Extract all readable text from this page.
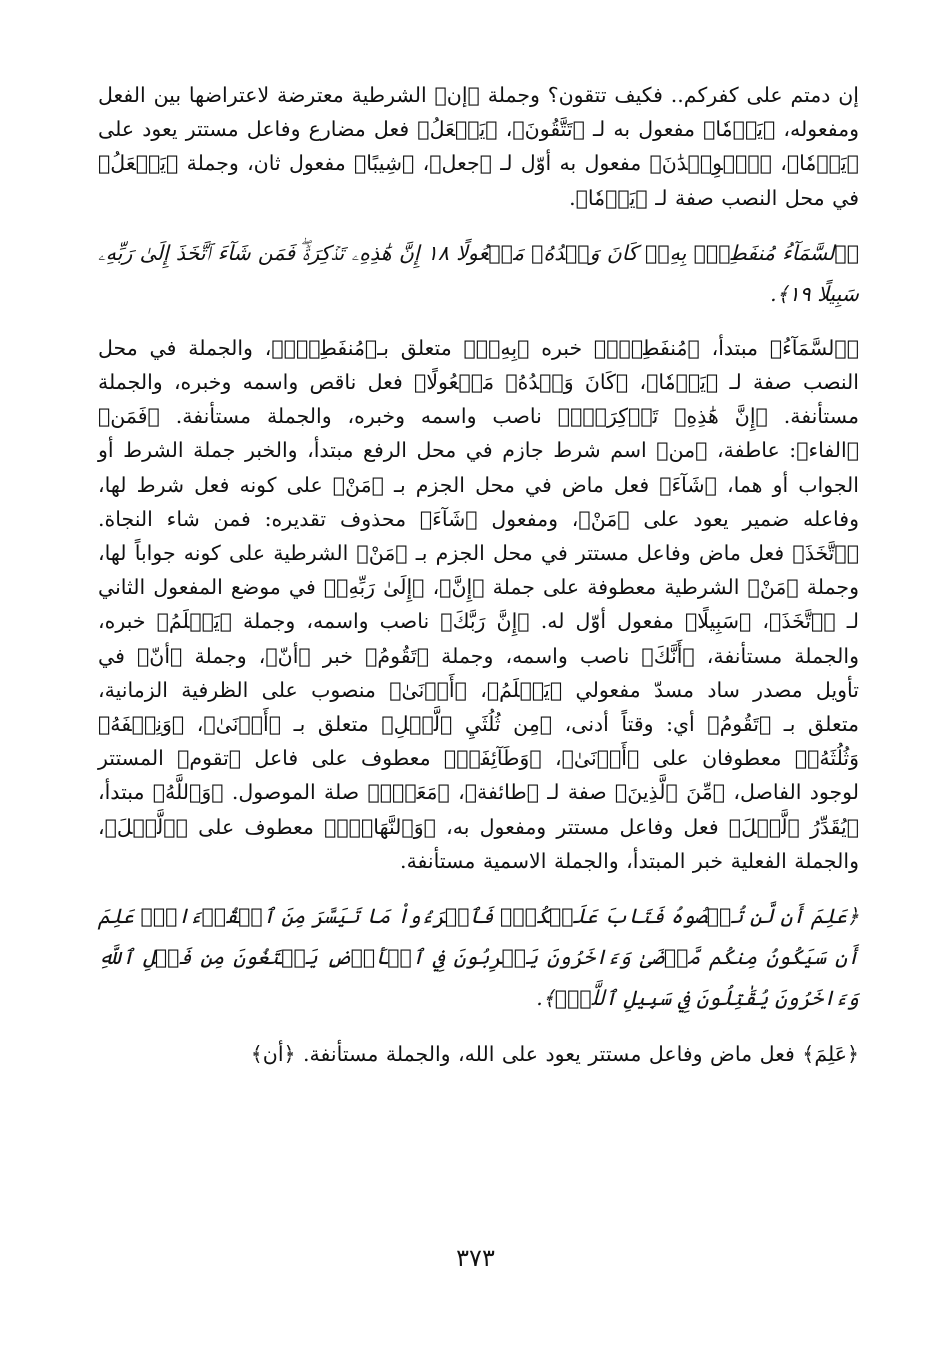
إن دمتم على كفركم.. فكيف تتقون؟ وجملة ﴿إن﴾ الشرطية معترضة لاعتراضها بين الفعل ومفعوله، ﴿يَوۡمٗا﴾ مفعول به لـ ﴿تَتَّقُونَ﴾، ﴿يَجۡعَلُ﴾ فعل مضارع وفاعل مستتر يعود على ﴿يَوۡمٗا﴾، ﴿ٱلۡوِلۡدَٰنَ﴾ مفعول به أوّل لـ ﴿جعل﴾، ﴿شِيبًا﴾ مفعول ثان، وجملة ﴿يَجۡعَلُ﴾ في محل النصب صفة لـ ﴿يَوۡمٗا﴾.

﴿ٱلسَّمَآءُ مُنفَطِرُۢ بِهِۦۚ كَانَ وَعۡدُهُۥ مَفۡعُولًا ١٨ إِنَّ هَٰذِهِۦ تَذۡكِرَةٞۖ فَمَن شَآءَ ٱتَّخَذَ إِلَىٰ رَبِّهِۦ سَبِيلًا ١٩﴾.

﴿ٱلسَّمَآءُ﴾ مبتدأ، ﴿مُنفَطِرُۢ﴾ خبره ﴿بِهِۦۚ﴾ متعلق بـ﴿مُنفَطِرُۢ﴾، والجملة في محل النصب صفة لـ ﴿يَوۡمٗا﴾، ﴿كَانَ وَعۡدُهُۥ مَفۡعُولًا﴾ فعل ناقص واسمه وخبره، والجملة مستأنفة. ﴿إِنَّ هَٰذِهِۦ تَذۡكِرَةٞۖ﴾ ناصب واسمه وخبره، والجملة مستأنفة. ﴿فَمَن﴾ ﴿الفاء﴾: عاطفة، ﴿من﴾ اسم شرط جازم في محل الرفع مبتدأ، والخبر جملة الشرط أو الجواب أو هما، ﴿شَآءَ﴾ فعل ماض في محل الجزم بـ ﴿مَنْ﴾ على كونه فعل شرط لها، وفاعله ضمير يعود على ﴿مَنْ﴾، ومفعول ﴿شَآءَ﴾ محذوف تقديره: فمن شاء النجاة. ﴿ٱتَّخَذَ﴾ فعل ماض وفاعل مستتر في محل الجزم بـ ﴿مَنْ﴾ الشرطية على كونه جواباً لها، وجملة ﴿مَنْ﴾ الشرطية معطوفة على جملة ﴿إِنَّ﴾، ﴿إِلَىٰ رَبِّهِۦ﴾ في موضع المفعول الثاني لـ ﴿ٱتَّخَذَ﴾، ﴿سَبِيلًا﴾ مفعول أوّل له. ﴿إِنَّ رَبَّكَ﴾ ناصب واسمه، وجملة ﴿يَعۡلَمُ﴾ خبره، والجملة مستأنفة، ﴿أَنَّكَ﴾ ناصب واسمه، وجملة ﴿تَقُومُ﴾ خبر ﴿أنّ﴾، وجملة ﴿أنّ﴾ في تأويل مصدر ساد مسدّ مفعولي ﴿يَعۡلَمُ﴾، ﴿أَدۡنَىٰ﴾ منصوب على الظرفية الزمانية، متعلق بـ ﴿تَقُومُ﴾ أي: وقتاً أدنى، ﴿مِن ثُلُثَيِ ٱلَّيۡلِ﴾ متعلق بـ ﴿أَدۡنَىٰ﴾، ﴿وَنِصۡفَهُۥ وَثُلُثَهُۥ﴾ معطوفان على ﴿أَدۡنَىٰ﴾، ﴿وَطَآئِفَةٞ﴾ معطوف على فاعل ﴿تقوم﴾ المستتر لوجود الفاصل، ﴿مِّنَ ٱلَّذِينَ﴾ صفة لـ ﴿طائفة﴾، ﴿مَعَكَۚ﴾ صلة الموصول. ﴿وَٱللَّهُ﴾ مبتدأ، ﴿يُقَدِّرُ ٱلَّيۡلَ﴾ فعل وفاعل مستتر ومفعول به، ﴿وَٱلنَّهَارَۚ﴾ معطوف على ﴿ٱلَّيۡلَ﴾، والجملة الفعلية خبر المبتدأ، والجملة الاسمية مستأنفة.

﴿عَلِمَ أَن لَّن تُحۡصُوهُ فَتَابَ عَلَيۡكُمۡۖ فَٱقۡرَءُواْ مَا تَيَسَّرَ مِنَ ٱلۡقُرۡءَانِۚ عَلِمَ أَن سَيَكُونُ مِنكُم مَّرۡضَىٰ وَءَاخَرُونَ يَضۡرِبُونَ فِي ٱلۡأَرۡضِ يَبۡتَغُونَ مِن فَضۡلِ ٱللَّهِ وَءَاخَرُونَ يُقَٰتِلُونَ فِي سَبِيلِ ٱللَّهِۖ﴾.

﴿عَلِمَ﴾ فعل ماض وفاعل مستتر يعود على الله، والجملة مستأنفة. ﴿أن﴾

٣٧٣
